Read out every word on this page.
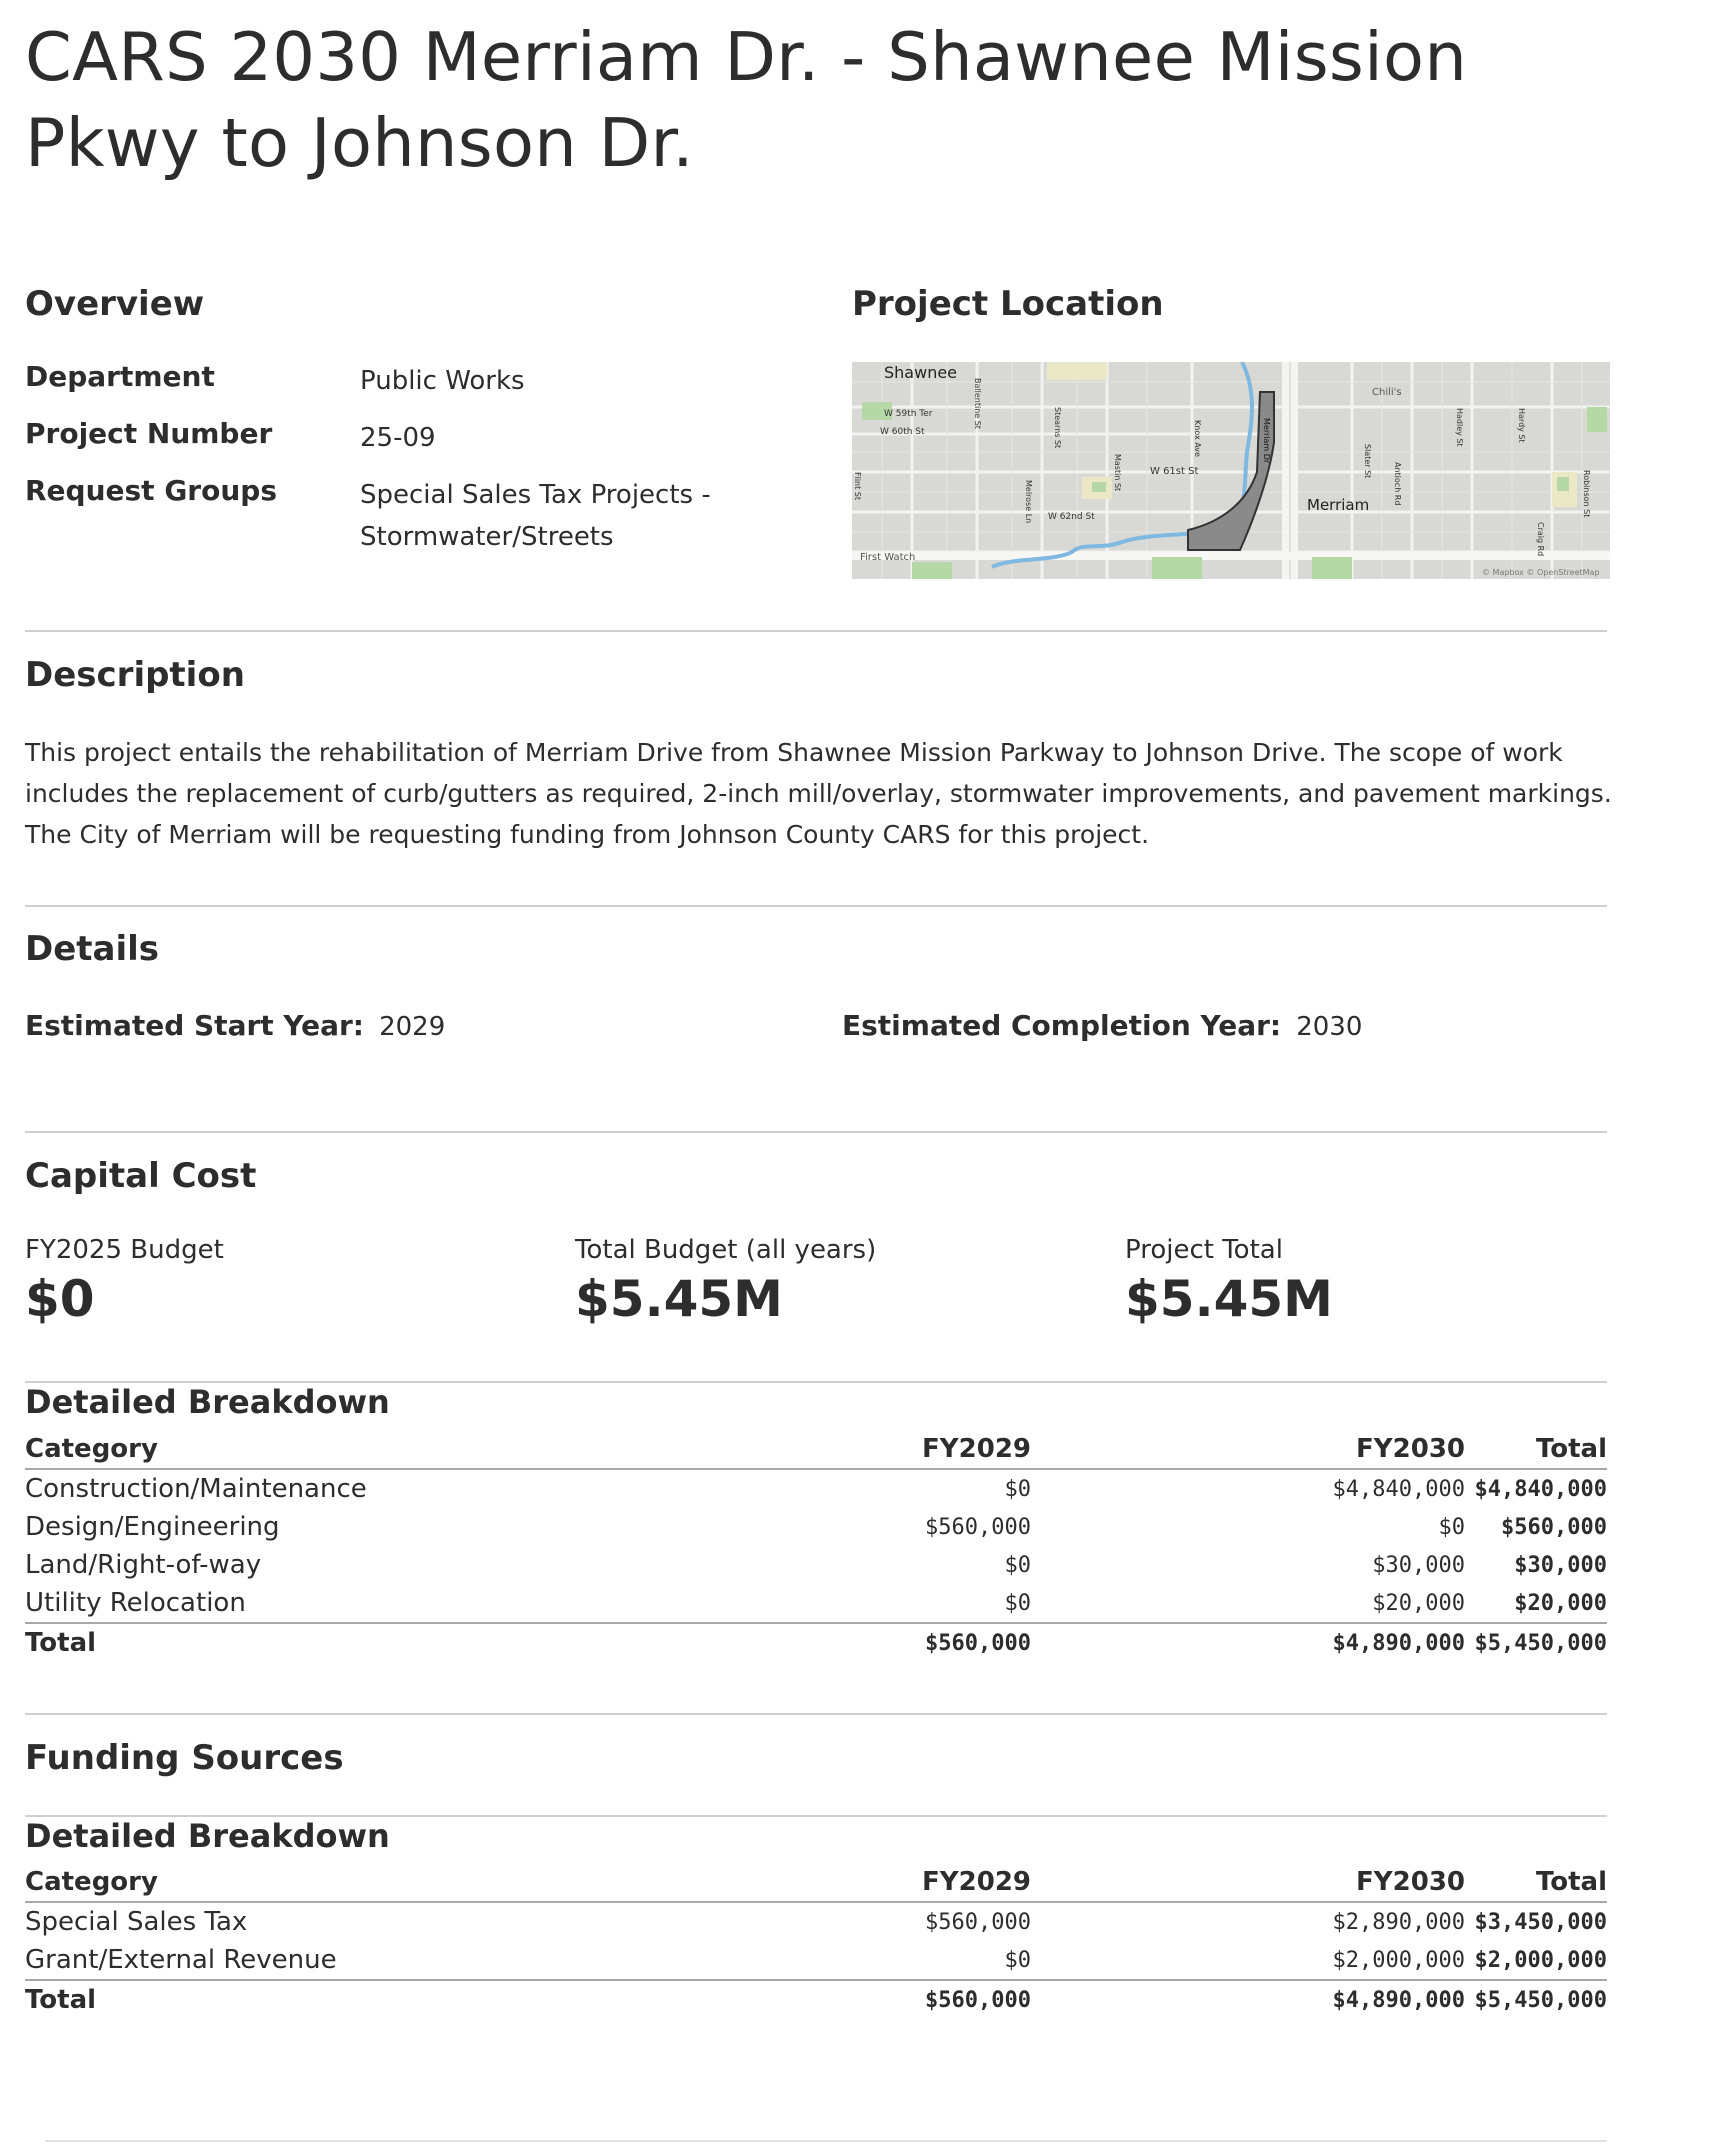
CARS 2030 Merriam Dr. - Shawnee Mission Pkwy to Johnson Dr.
Overview
Department	Public Works
Project Number	25-09
Request Groups	Special Sales Tax Projects - Stormwater/Streets
Project Location
Shawnee
W 59th Ter
W 60th St
W 61st St
W 62nd St
Merriam
First Watch
Chili's
© Mapbox © OpenStreetMap
Ballentine St	Stearns St	Knox Ave	Merriam Dr
Melrose Ln
Mastin St	Antioch Rd
Hadley St	Hardy St
Robinson St
Flint St
Craig Rd
Slater St
Description
This project entails the rehabilitation of Merriam Drive from Shawnee Mission Parkway to Johnson Drive. The scope of work includes the replacement of curb/gutters as required, 2-inch mill/overlay, stormwater improvements, and pavement markings. The City of Merriam will be requesting funding from Johnson County CARS for this project.
Details
Estimated Start Year: 2029	Estimated Completion Year: 2030
Capital Cost
FY2025 Budget
$0
Total Budget (all years)
$5.45M
Project Total
$5.45M
Detailed Breakdown
Category	FY2029	FY2030	Total
Construction/Maintenance	$0	$4,840,000	$4,840,000
Design/Engineering	$560,000	$0	$560,000
Land/Right-of-way	$0	$30,000	$30,000
Utility Relocation	$0	$20,000	$20,000
Total	$560,000	$4,890,000	$5,450,000
Funding Sources
Detailed Breakdown
Category	FY2029	FY2030	Total
Special Sales Tax	$560,000	$2,890,000	$3,450,000
Grant/External Revenue	$0	$2,000,000	$2,000,000
Total	$560,000	$4,890,000	$5,450,000
